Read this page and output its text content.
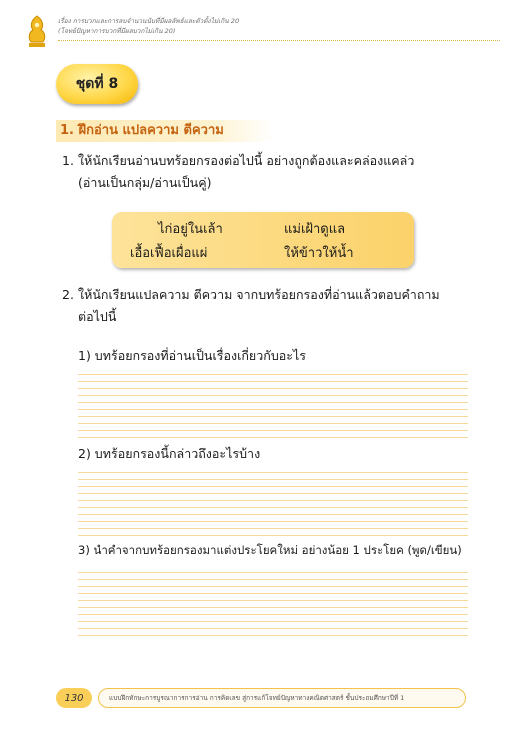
เรื่อง การบวกและการลบจำนวนนับที่มีผลลัพธ์และตัวตั้งไม่เกิน 20
(โจทย์ปัญหาการบวกที่มีผลบวกไม่เกิน 20)
ชุดที่ 8
1. ฝึกอ่าน แปลความ ตีความ
1. ให้นักเรียนอ่านบทร้อยกรองต่อไปนี้ อย่างถูกต้องและคล่องแคล่ว
(อ่านเป็นกลุ่ม/อ่านเป็นคู่)
ไก่อยู่ในเล้า	แม่เฝ้าดูแล
เอื้อเฟื้อเผื่อแผ่	ให้ข้าวให้น้ำ
2. ให้นักเรียนแปลความ ตีความ จากบทร้อยกรองที่อ่านแล้วตอบคำถาม
ต่อไปนี้
1) บทร้อยกรองที่อ่านเป็นเรื่องเกี่ยวกับอะไร
2) บทร้อยกรองนี้กล่าวถึงอะไรบ้าง
3) นำคำจากบทร้อยกรองมาแต่งประโยคใหม่ อย่างน้อย 1 ประโยค (พูด/เขียน)
130	แบบฝึกทักษะการบูรณาการการอ่าน การคิดเลข สู่การแก้โจทย์ปัญหาทางคณิตศาสตร์ ชั้นประถมศึกษาปีที่ 1
